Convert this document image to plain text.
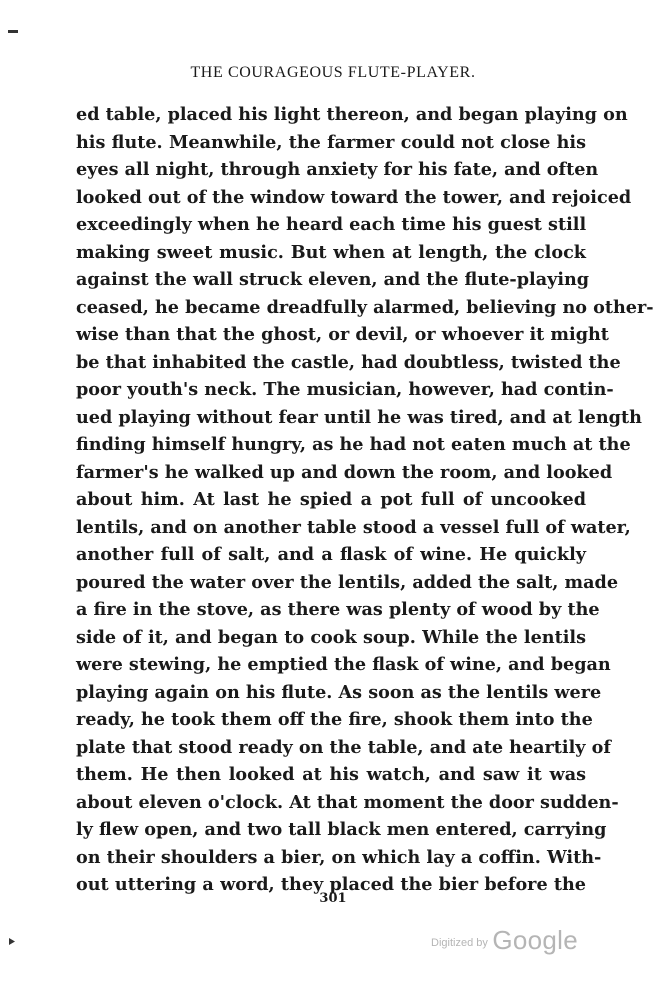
THE COURAGEOUS FLUTE-PLAYER.
ed table, placed his light thereon, and began playing on
his flute. Meanwhile, the farmer could not close his
eyes all night, through anxiety for his fate, and often
looked out of the window toward the tower, and rejoiced
exceedingly when he heard each time his guest still
making sweet music. But when at length, the clock
against the wall struck eleven, and the flute-playing
ceased, he became dreadfully alarmed, believing no other-
wise than that the ghost, or devil, or whoever it might
be that inhabited the castle, had doubtless, twisted the
poor youth's neck. The musician, however, had contin-
ued playing without fear until he was tired, and at length
finding himself hungry, as he had not eaten much at the
farmer's he walked up and down the room, and looked
about him. At last he spied a pot full of uncooked
lentils, and on another table stood a vessel full of water,
another full of salt, and a flask of wine. He quickly
poured the water over the lentils, added the salt, made
a fire in the stove, as there was plenty of wood by the
side of it, and began to cook soup. While the lentils
were stewing, he emptied the flask of wine, and began
playing again on his flute. As soon as the lentils were
ready, he took them off the fire, shook them into the
plate that stood ready on the table, and ate heartily of
them. He then looked at his watch, and saw it was
about eleven o'clock. At that moment the door sudden-
ly flew open, and two tall black men entered, carrying
on their shoulders a bier, on which lay a coffin. With-
out uttering a word, they placed the bier before the
301
Digitized by Google
